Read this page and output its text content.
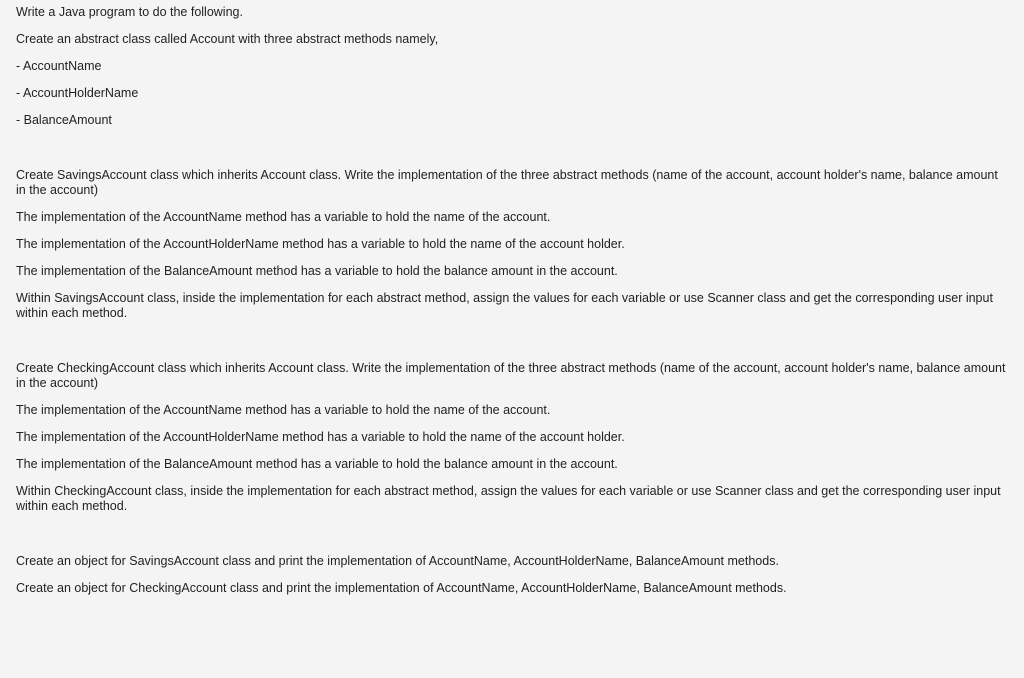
Write a Java program to do the following.

Create an abstract class called Account with three abstract methods namely,

- AccountName

- AccountHolderName

- BalanceAmount

Create SavingsAccount class which inherits Account class. Write the implementation of the three abstract methods (name of the account, account holder's name, balance amount in the account)

The implementation of the AccountName method has a variable to hold the name of the account.

The implementation of the AccountHolderName method has a variable to hold the name of the account holder.

The implementation of the BalanceAmount method has a variable to hold the balance amount in the account.

Within SavingsAccount class, inside the implementation for each abstract method, assign the values for each variable or use Scanner class and get the corresponding user input within each method.

Create CheckingAccount class which inherits Account class. Write the implementation of the three abstract methods (name of the account, account holder's name, balance amount in the account)

The implementation of the AccountName method has a variable to hold the name of the account.

The implementation of the AccountHolderName method has a variable to hold the name of the account holder.

The implementation of the BalanceAmount method has a variable to hold the balance amount in the account.

Within CheckingAccount class, inside the implementation for each abstract method, assign the values for each variable or use Scanner class and get the corresponding user input within each method.

Create an object for SavingsAccount class and print the implementation of AccountName, AccountHolderName, BalanceAmount methods.

Create an object for CheckingAccount class and print the implementation of AccountName, AccountHolderName, BalanceAmount methods.
